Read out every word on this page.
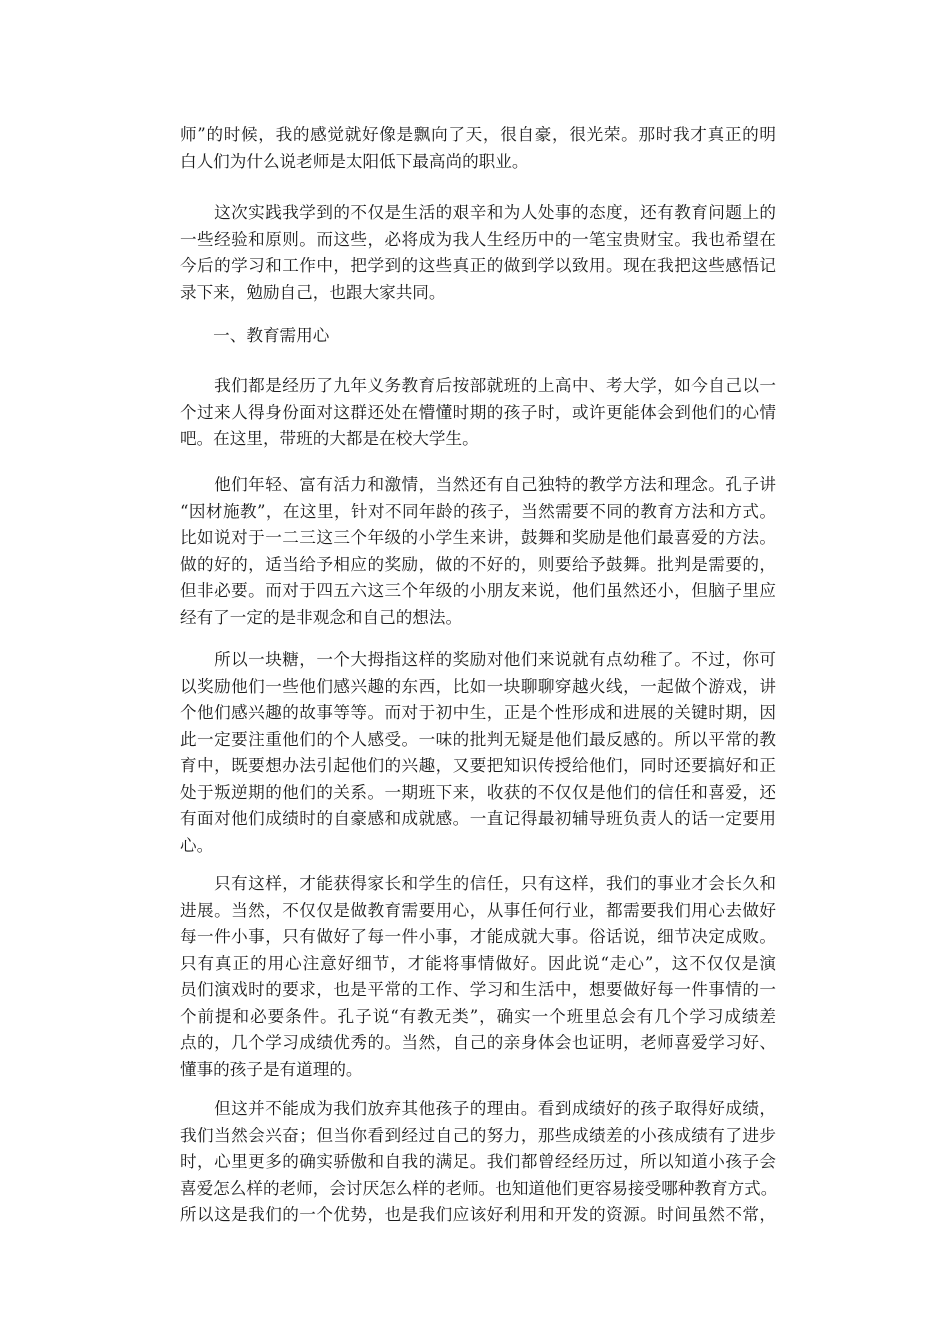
师”的时候，我的感觉就好像是飘向了天，很自豪，很光荣。那时我才真正的明
白人们为什么说老师是太阳低下最高尚的职业。
　　这次实践我学到的不仅是生活的艰辛和为人处事的态度，还有教育问题上的
一些经验和原则。而这些，必将成为我人生经历中的一笔宝贵财宝。我也希望在
今后的学习和工作中，把学到的这些真正的做到学以致用。现在我把这些感悟记
录下来，勉励自己，也跟大家共同。
　　一、教育需用心
　　我们都是经历了九年义务教育后按部就班的上高中、考大学，如今自己以一
个过来人得身份面对这群还处在懵懂时期的孩子时，或许更能体会到他们的心情
吧。在这里，带班的大都是在校大学生。
　　他们年轻、富有活力和激情，当然还有自己独特的教学方法和理念。孔子讲
“因材施教”，在这里，针对不同年龄的孩子，当然需要不同的教育方法和方式。
比如说对于一二三这三个年级的小学生来讲，鼓舞和奖励是他们最喜爱的方法。
做的好的，适当给予相应的奖励，做的不好的，则要给予鼓舞。批判是需要的，
但非必要。而对于四五六这三个年级的小朋友来说，他们虽然还小，但脑子里应
经有了一定的是非观念和自己的想法。
　　所以一块糖，一个大拇指这样的奖励对他们来说就有点幼稚了。不过，你可
以奖励他们一些他们感兴趣的东西，比如一块聊聊穿越火线，一起做个游戏，讲
个他们感兴趣的故事等等。而对于初中生，正是个性形成和进展的关键时期，因
此一定要注重他们的个人感受。一味的批判无疑是他们最反感的。所以平常的教
育中，既要想办法引起他们的兴趣，又要把知识传授给他们，同时还要搞好和正
处于叛逆期的他们的关系。一期班下来，收获的不仅仅是他们的信任和喜爱，还
有面对他们成绩时的自豪感和成就感。一直记得最初辅导班负责人的话一定要用
心。
　　只有这样，才能获得家长和学生的信任，只有这样，我们的事业才会长久和
进展。当然，不仅仅是做教育需要用心，从事任何行业，都需要我们用心去做好
每一件小事，只有做好了每一件小事，才能成就大事。俗话说，细节决定成败。
只有真正的用心注意好细节，才能将事情做好。因此说“走心”，这不仅仅是演
员们演戏时的要求，也是平常的工作、学习和生活中，想要做好每一件事情的一
个前提和必要条件。孔子说“有教无类”，确实一个班里总会有几个学习成绩差
点的，几个学习成绩优秀的。当然，自己的亲身体会也证明，老师喜爱学习好、
懂事的孩子是有道理的。
　　但这并不能成为我们放弃其他孩子的理由。看到成绩好的孩子取得好成绩，
我们当然会兴奋；但当你看到经过自己的努力，那些成绩差的小孩成绩有了进步
时，心里更多的确实骄傲和自我的满足。我们都曾经经历过，所以知道小孩子会
喜爱怎么样的老师，会讨厌怎么样的老师。也知道他们更容易接受哪种教育方式。
所以这是我们的一个优势，也是我们应该好利用和开发的资源。时间虽然不常，
